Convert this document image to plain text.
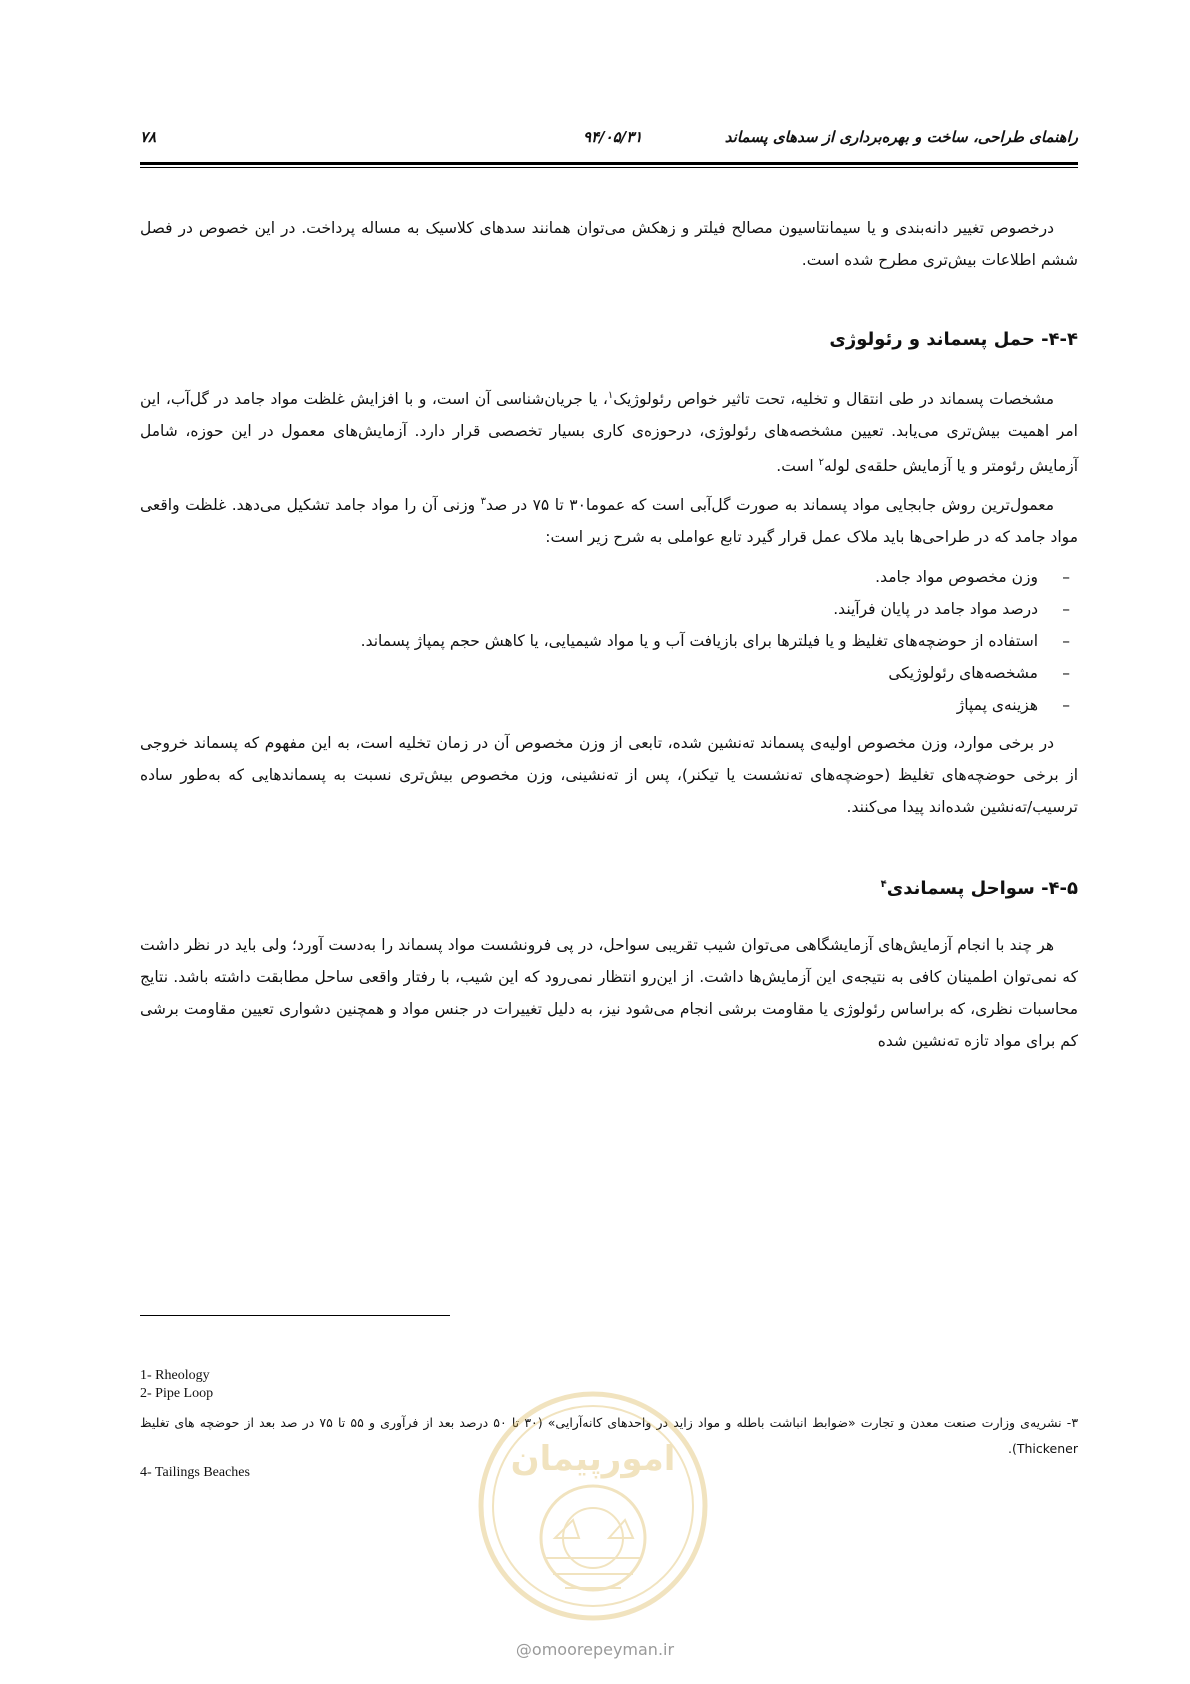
راهنمای طراحی، ساخت و بهره‌برداری از سدهای پسماند
۹۴/۰۵/۳۱
۷۸

درخصوص تغییر دانه‌بندی و یا سیمانتاسیون مصالح فیلتر و زهکش می‌توان همانند سدهای کلاسیک به مساله پرداخت. در این خصوص در فصل ششم اطلاعات بیش‌تری مطرح شده است.

۴-۴- حمل پسماند و رئولوژی

مشخصات پسماند در طی انتقال و تخلیه، تحت تاثیر خواص رئولوژیک$^۱$، یا جریان‌شناسی آن است، و با افزایش غلظت مواد جامد در گل‌آب، این امر اهمیت بیش‌تری می‌یابد. تعیین مشخصه‌های رئولوژی، درحوزه‌ی کاری بسیار تخصصی قرار دارد. آزمایش‌های معمول در این حوزه، شامل آزمایش رئومتر و یا آزمایش حلقه‌ی لوله$^۲$ است.

معمول‌ترین روش جابجایی مواد پسماند به صورت گل‌آبی است که عموما۳۰ تا ۷۵ در صد$^۳$ وزنی آن را مواد جامد تشکیل می‌دهد. غلظت واقعی مواد جامد که در طراحی‌ها باید ملاک عمل قرار گیرد تابع عواملی به شرح زیر است:

–وزن مخصوص مواد جامد.
–درصد مواد جامد در پایان فرآیند.
–استفاده از حوضچه‌های تغلیظ و یا فیلترها برای بازیافت آب و یا مواد شیمیایی، یا کاهش حجم پمپاژ پسماند.
–مشخصه‌های رئولوژیکی
–هزینه‌ی پمپاژ

در برخی موارد، وزن مخصوص اولیه‌ی پسماند ته‌نشین شده، تابعی از وزن مخصوص آن در زمان تخلیه است، به این مفهوم که پسماند خروجی از برخی حوضچه‌های تغلیظ (حوضچه‌های ته‌نشست یا تیکنر)، پس از ته‌نشینی، وزن مخصوص بیش‌تری نسبت به پسماندهایی که به‌طور ساده ترسیب/ته‌نشین شده‌اند پیدا می‌کنند.

۴-۵- سواحل پسماندی$^۴$

هر چند با انجام آزمایش‌های آزمایشگاهی می‌توان شیب تقریبی سواحل، در پی فرونشست مواد پسماند را به‌دست آورد؛ ولی باید در نظر داشت که نمی‌توان اطمینان کافی به نتیجه‌ی این آزمایش‌ها داشت. از این‌رو انتظار نمی‌رود که این شیب، با رفتار واقعی ساحل مطابقت داشته باشد. نتایج محاسبات نظری، که براساس رئولوژی یا مقاومت برشی انجام می‌شود نیز، به دلیل تغییرات در جنس مواد و همچنین دشواری تعیین مقاومت برشی کم برای مواد تازه ته‌نشین شده

1- Rheology
2- Pipe Loop
۳- نشریه‌ی وزارت صنعت معدن و تجارت «ضوابط انباشت باطله و مواد زاید در واحدهای کانه‌آرایی» (۳۰ تا ۵۰ درصد بعد از فرآوری و ۵۵ تا ۷۵ در صد بعد از حوضچه های تغلیظ Thickener).
4- Tailings Beaches	امورپیمان
@omoorepeyman.ir
